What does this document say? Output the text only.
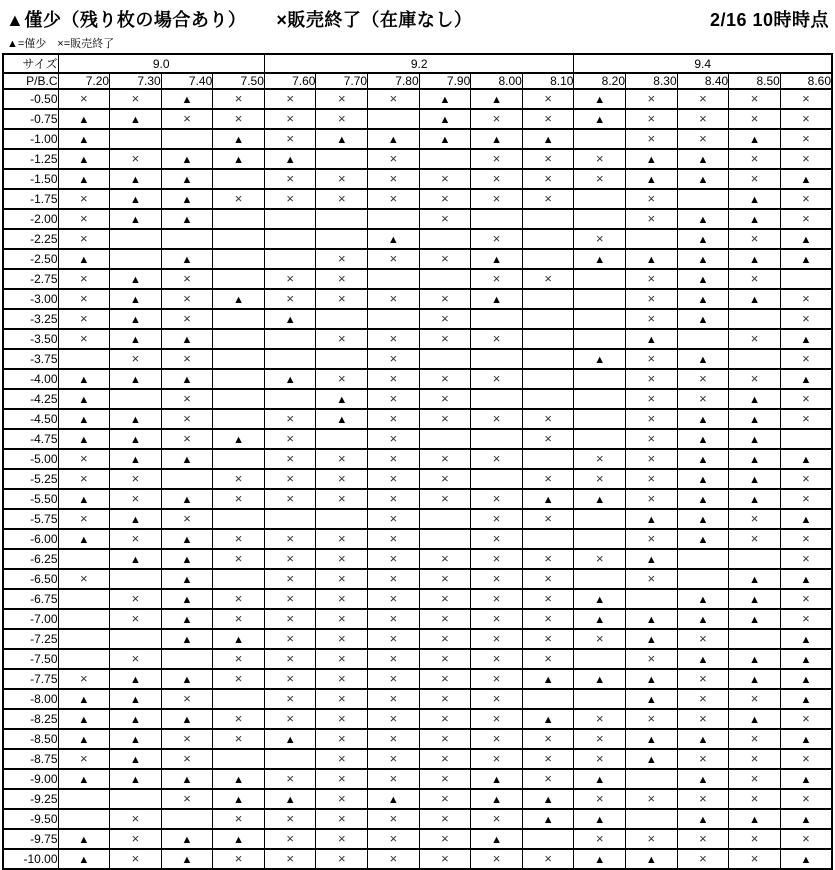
▲僅少（残り枚の場合あり） ×販売終了（在庫なし）	2/16 10時時点
▲=僅少　×=販売終了
サイズ	9.0				9.2						9.4				
P/B.C	7.20	7.30	7.40	7.50	7.60	7.70	7.80	7.90	8.00	8.10	8.20	8.30	8.40	8.50	8.60
-0.50	×	×	▲	×	×	×	×	▲	▲	×	▲	×	×	×	×
-0.75	▲	▲	×	×	×	×		▲	×	×	▲	×	×	×	×
-1.00	▲			▲	×	▲	▲	▲	▲	▲		×	×	▲	×
-1.25	▲	×	▲	▲	▲		×		×	×	×	▲	▲	×	×
-1.50	▲	▲	▲		×	×	×	×	×	×	×	▲	▲	×	▲
-1.75	×	▲	▲	×	×	×	×	×	×	×		×		▲	×
-2.00	×	▲	▲					×				×	▲	▲	×
-2.25	×						▲		×		×		▲	×	▲
-2.50	▲		▲			×	×	×	▲		▲	▲	▲	▲	▲
-2.75	×	▲	×		×	×			×	×		×	▲	×	
-3.00	×	▲	×	▲	×	×	×	×	▲			×	▲	▲	×
-3.25	×	▲	×		▲			×				×	▲		×
-3.50	×	▲	▲			×	×	×	×			▲		×	▲
-3.75		×	×				×				▲	×	▲		×
-4.00	▲	▲	▲		▲	×	×	×	×			×	×	×	▲
-4.25	▲		×			▲	×	×				×	×	▲	×
-4.50	▲	▲	×		×	▲	×	×	×	×		×	▲	▲	×
-4.75	▲	▲	×	▲	×		×			×		×	▲	▲	
-5.00	×	▲	▲		×	×	×	×	×		×	×	▲	▲	▲
-5.25	×	×		×	×	×	×	×		×	×	×	▲	▲	×
-5.50	▲	×	▲	×	×	×	×	×	×	▲	▲	×	▲	▲	×
-5.75	×	▲	×				×		×	×		▲	▲	×	▲
-6.00	▲	×	▲	×	×	×	×		×			×	▲	×	×
-6.25		▲	▲	×	×	×	×	×	×	×	×	▲			×
-6.50	×		▲		×	×	×	×	×	×		×		▲	▲
-6.75		×	▲	×	×	×	×	×	×	×	▲		▲	▲	×
-7.00		×	▲	×	×	×	×	×	×	×	▲	▲	▲	▲	×
-7.25			▲	▲	×	×	×	×	×	×	×	▲	×		▲
-7.50		×		×	×	×	×	×	×	×		×	▲	▲	▲
-7.75	×	▲	▲	×	×	×	×	×	×	▲	▲	▲	×	▲	▲
-8.00	▲	▲	×		×	×	×	×	×			▲	×	×	▲
-8.25	▲	▲	▲	×	×	×	×	×	×	▲	×	×	×	▲	×
-8.50	▲	▲	×	×	▲	×	×	×	×	×	×	▲	▲	×	▲
-8.75	×	▲	×			×	×	×	×	×	×	▲	×	×	×
-9.00	▲	▲	▲	▲	×	×	×	×	▲	×	▲		▲	×	▲
-9.25			×	▲	▲	×	▲	×	▲	▲	×	×	×	×	×
-9.50		×		×	×	×	×	×	×	▲	▲		▲	▲	▲
-9.75	▲	×	▲	▲	×	×	×	×	▲		×	×	×	×	×
-10.00	▲	×	▲	×	×	×	×	×	×	×	▲	▲	×	×	▲
